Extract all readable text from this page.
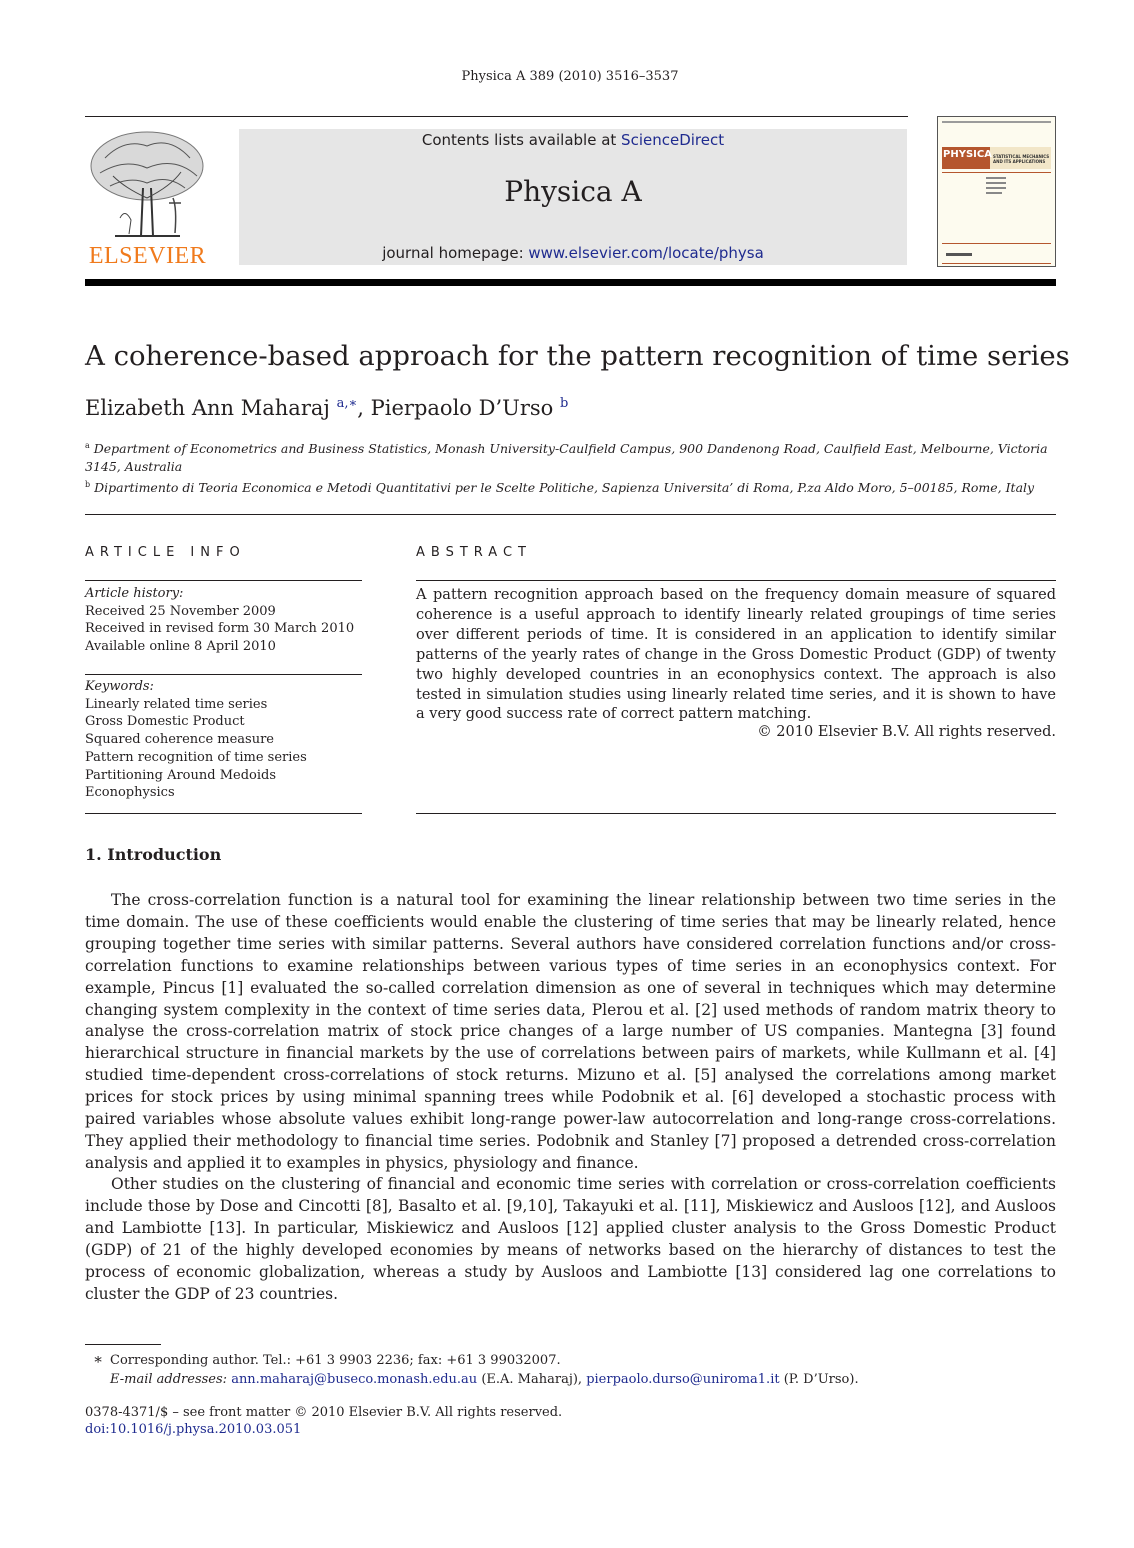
Physica A 389 (2010) 3516–3537
ELSEVIER
Contents lists available at ScienceDirect
Physica A
journal homepage: www.elsevier.com/locate/physa
PHYSICA STATISTICAL MECHANICS
AND ITS APPLICATIONS
A coherence-based approach for the pattern recognition of time series
Elizabeth Ann Maharaj $^{a,∗}$, Pierpaolo D’Urso $^b$
$^a$ Department of Econometrics and Business Statistics, Monash University-Caulfield Campus, 900 Dandenong Road, Caulfield East, Melbourne, Victoria 3145, Australia
$^b$ Dipartimento di Teoria Economica e Metodi Quantitativi per le Scelte Politiche, Sapienza Universita’ di Roma, P.za Aldo Moro, 5–00185, Rome, Italy
ARTICLE INFO
Article history:
Received 25 November 2009
Received in revised form 30 March 2010
Available online 8 April 2010
Keywords:
Linearly related time series
Gross Domestic Product
Squared coherence measure
Pattern recognition of time series
Partitioning Around Medoids
Econophysics
ABSTRACT
A pattern recognition approach based on the frequency domain measure of squared coherence is a useful approach to identify linearly related groupings of time series over different periods of time. It is considered in an application to identify similar patterns of the yearly rates of change in the Gross Domestic Product (GDP) of twenty two highly developed countries in an econophysics context. The approach is also tested in simulation studies using linearly related time series, and it is shown to have a very good success rate of correct pattern matching.
© 2010 Elsevier B.V. All rights reserved.
1. Introduction
The cross-correlation function is a natural tool for examining the linear relationship between two time series in the time domain. The use of these coefficients would enable the clustering of time series that may be linearly related, hence grouping together time series with similar patterns. Several authors have considered correlation functions and/or cross-correlation functions to examine relationships between various types of time series in an econophysics context. For example, Pincus [1] evaluated the so-called correlation dimension as one of several in techniques which may determine changing system complexity in the context of time series data, Plerou et al. [2] used methods of random matrix theory to analyse the cross-correlation matrix of stock price changes of a large number of US companies. Mantegna [3] found hierarchical structure in financial markets by the use of correlations between pairs of markets, while Kullmann et al. [4] studied time-dependent cross-correlations of stock returns. Mizuno et al. [5] analysed the correlations among market prices for stock prices by using minimal spanning trees while Podobnik et al. [6] developed a stochastic process with paired variables whose absolute values exhibit long-range power-law autocorrelation and long-range cross-correlations. They applied their methodology to financial time series. Podobnik and Stanley [7] proposed a detrended cross-correlation analysis and applied it to examples in physics, physiology and finance.
Other studies on the clustering of financial and economic time series with correlation or cross-correlation coefficients include those by Dose and Cincotti [8], Basalto et al. [9,10], Takayuki et al. [11], Miskiewicz and Ausloos [12], and Ausloos and Lambiotte [13]. In particular, Miskiewicz and Ausloos [12] applied cluster analysis to the Gross Domestic Product (GDP) of 21 of the highly developed economies by means of networks based on the hierarchy of distances to test the process of economic globalization, whereas a study by Ausloos and Lambiotte [13] considered lag one correlations to cluster the GDP of 23 countries.
∗ Corresponding author. Tel.: +61 3 9903 2236; fax: +61 3 99032007.
E-mail addresses: ann.maharaj@buseco.monash.edu.au (E.A. Maharaj), pierpaolo.durso@uniroma1.it (P. D’Urso).
0378-4371/$ – see front matter © 2010 Elsevier B.V. All rights reserved.
doi:10.1016/j.physa.2010.03.051
